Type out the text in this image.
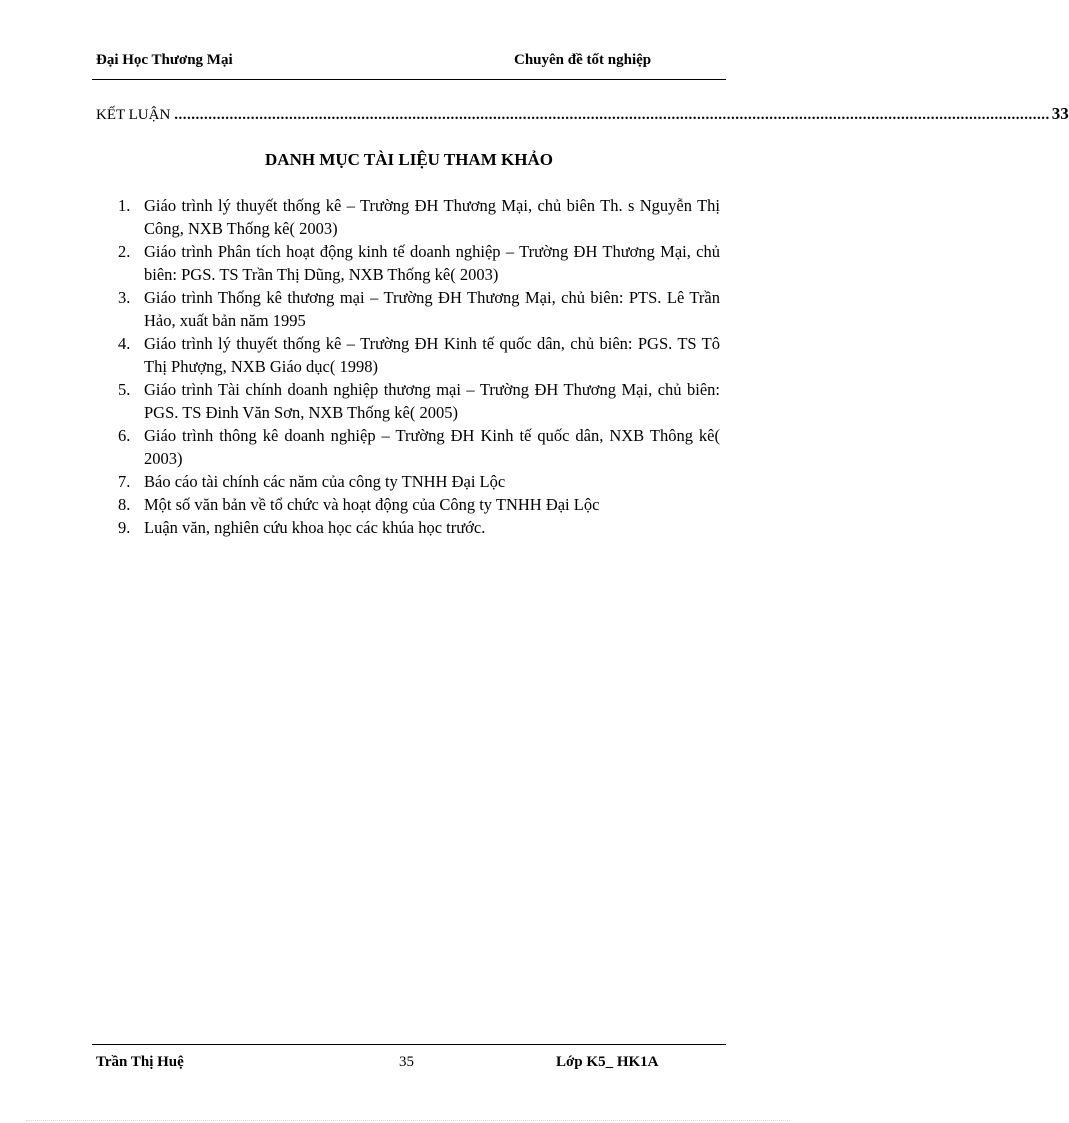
Đại Học Thương Mại	Chuyên đề tốt nghiệp
KẾT LUẬN .............................................................................................................................................................................................................. 33
DANH MỤC TÀI LIỆU THAM KHẢO
1. Giáo trình lý thuyết thống kê – Trường ĐH Thương Mại, chủ biên Th. s Nguyễn Thị Công, NXB Thống kê( 2003)
2. Giáo trình Phân tích hoạt động kinh tế doanh nghiệp – Trường ĐH Thương Mại, chủ biên: PGS. TS Trần Thị Dũng, NXB Thống kê( 2003)
3. Giáo trình Thống kê thương mại – Trường ĐH Thương Mại, chủ biên: PTS. Lê Trần Hảo, xuất bản năm 1995
4. Giáo trình lý thuyết thống kê – Trường ĐH Kinh tế quốc dân, chủ biên: PGS. TS Tô Thị Phượng, NXB Giáo dục( 1998)
5. Giáo trình Tài chính doanh nghiệp thương mại – Trường ĐH Thương Mại, chủ biên: PGS. TS Đinh Văn Sơn, NXB Thống kê( 2005)
6. Giáo trình thông kê doanh nghiệp – Trường ĐH Kinh tế quốc dân, NXB Thông kê( 2003)
7. Báo cáo tài chính các năm của công ty TNHH Đại Lộc
8. Một số văn bản về tổ chức và hoạt động của Công ty TNHH Đại Lộc
9. Luận văn, nghiên cứu khoa học các khúa học trước.
Trần Thị Huệ	35	Lớp K5_ HK1A
